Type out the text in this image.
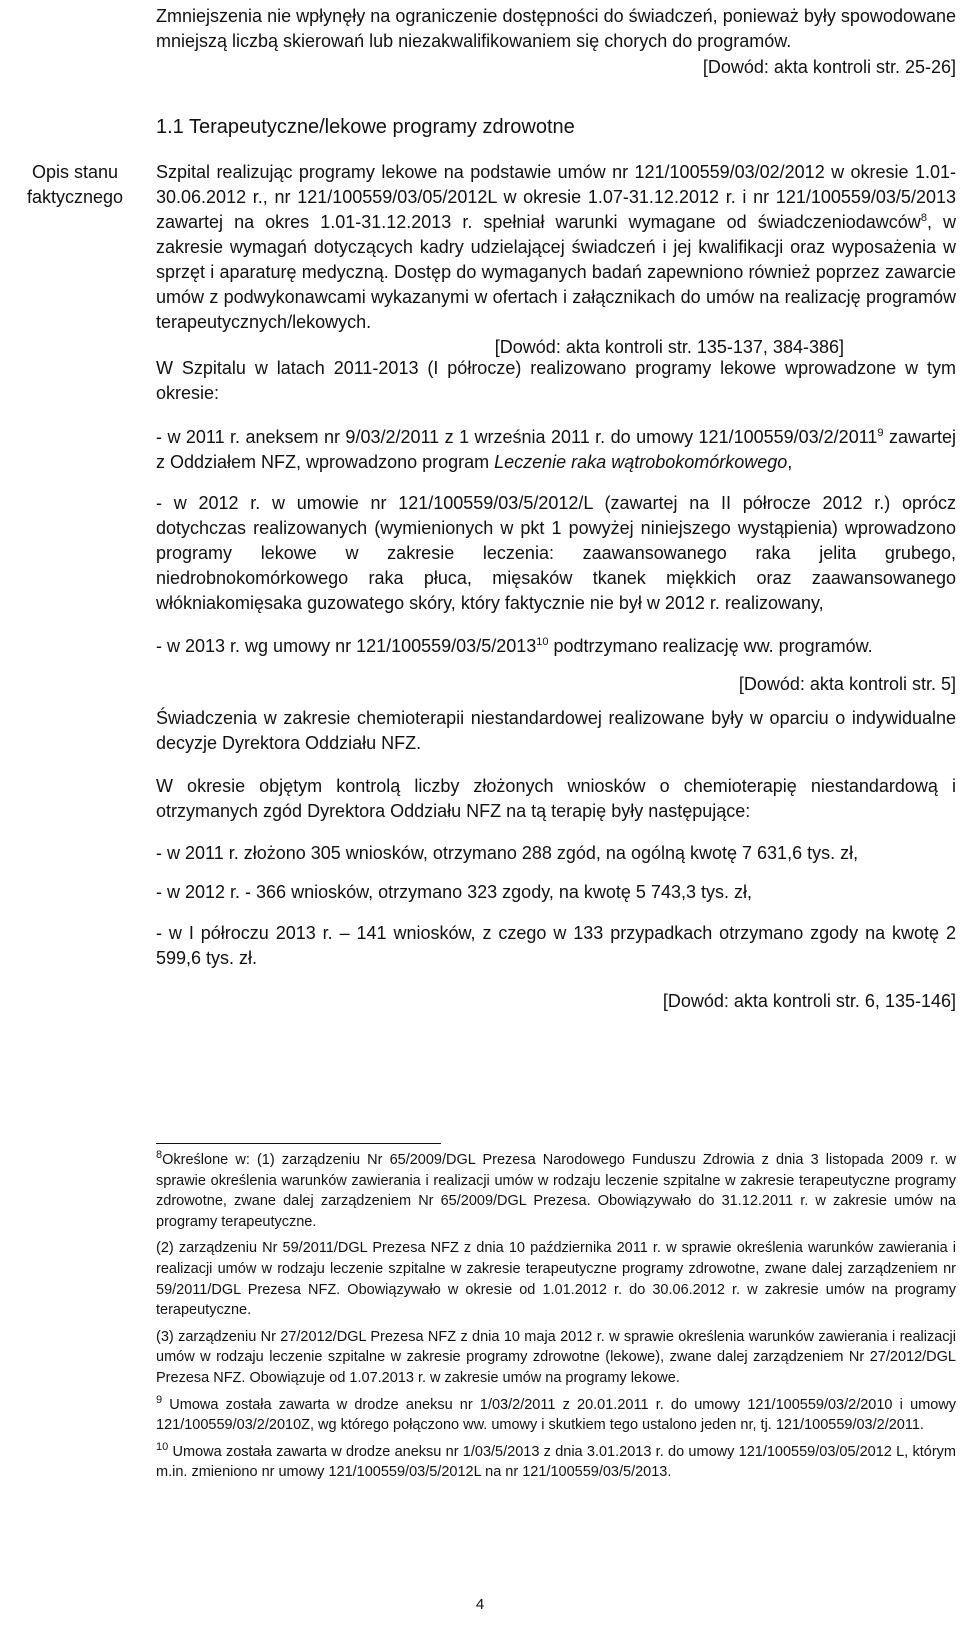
Zmniejszenia nie wpłynęły na ograniczenie dostępności do świadczeń, ponieważ były spowodowane mniejszą liczbą skierowań lub niezakwalifikowaniem się chorych do programów.

[Dowód: akta kontroli str. 25-26]
1.1 Terapeutyczne/lekowe programy zdrowotne
Opis stanu
faktycznego

Szpital realizując programy lekowe na podstawie umów nr 121/100559/03/02/2012 w okresie 1.01-30.06.2012 r., nr 121/100559/03/05/2012L w okresie 1.07-31.12.2012 r. i nr 121/100559/03/5/2013 zawartej na okres 1.01-31.12.2013 r. spełniał warunki wymagane od świadczeniodawców$^8$, w zakresie wymagań dotyczących kadry udzielającej świadczeń i jej kwalifikacji oraz wyposażenia w sprzęt i aparaturę medyczną. Dostęp do wymaganych badań zapewniono również poprzez zawarcie umów z podwykonawcami wykazanymi w ofertach i załącznikach do umów na realizację programów terapeutycznych/lekowych.

[Dowód: akta kontroli str. 135-137, 384-386]

W Szpitalu w latach 2011-2013 (I półrocze) realizowano programy lekowe wprowadzone w tym okresie:

- w 2011 r. aneksem nr 9/03/2/2011 z 1 września 2011 r. do umowy 121/100559/03/2/2011$^9$ zawartej z Oddziałem NFZ, wprowadzono program Leczenie raka wątrobokomórkowego,

- w 2012 r. w umowie nr 121/100559/03/5/2012/L (zawartej na II półrocze 2012 r.) oprócz dotychczas realizowanych (wymienionych w pkt 1 powyżej niniejszego wystąpienia) wprowadzono programy lekowe w zakresie leczenia: zaawansowanego raka jelita grubego, niedrobnokomórkowego raka płuca, mięsaków tkanek miękkich oraz zaawansowanego włókniakomięsaka guzowatego skóry, który faktycznie nie był w 2012 r. realizowany,

- w 2013 r. wg umowy nr 121/100559/03/5/2013$^{10}$ podtrzymano realizację ww. programów.

[Dowód: akta kontroli str. 5]

Świadczenia w zakresie chemioterapii niestandardowej realizowane były w oparciu o indywidualne decyzje Dyrektora Oddziału NFZ.

W okresie objętym kontrolą liczby złożonych wniosków o chemioterapię niestandardową i otrzymanych zgód Dyrektora Oddziału NFZ na tą terapię były następujące:

- w 2011 r. złożono 305 wniosków, otrzymano 288 zgód, na ogólną kwotę 7 631,6 tys. zł,

- w 2012 r. - 366 wniosków, otrzymano 323 zgody, na kwotę 5 743,3 tys. zł,

- w I półroczu 2013 r. – 141 wniosków, z czego w 133 przypadkach otrzymano zgody na kwotę 2 599,6 tys. zł.

[Dowód: akta kontroli str. 6, 135-146]

$^8$Określone w: (1) zarządzeniu Nr 65/2009/DGL Prezesa Narodowego Funduszu Zdrowia z dnia 3 listopada 2009 r. w sprawie określenia warunków zawierania i realizacji umów w rodzaju leczenie szpitalne w zakresie terapeutyczne programy zdrowotne, zwane dalej zarządzeniem Nr 65/2009/DGL Prezesa. Obowiązywało do 31.12.2011 r. w zakresie umów na programy terapeutyczne.

(2) zarządzeniu Nr 59/2011/DGL Prezesa NFZ z dnia 10 października 2011 r. w sprawie określenia warunków zawierania i realizacji umów w rodzaju leczenie szpitalne w zakresie terapeutyczne programy zdrowotne, zwane dalej zarządzeniem nr 59/2011/DGL Prezesa NFZ. Obowiązywało w okresie od 1.01.2012 r. do 30.06.2012 r. w zakresie umów na programy terapeutyczne.

(3) zarządzeniu Nr 27/2012/DGL Prezesa NFZ z dnia 10 maja 2012 r. w sprawie określenia warunków zawierania i realizacji umów w rodzaju leczenie szpitalne w zakresie programy zdrowotne (lekowe), zwane dalej zarządzeniem Nr 27/2012/DGL Prezesa NFZ. Obowiązuje od 1.07.2013 r. w zakresie umów na programy lekowe.

$^9$ Umowa została zawarta w drodze aneksu nr 1/03/2/2011 z 20.01.2011 r. do umowy 121/100559/03/2/2010 i umowy 121/100559/03/2/2010Z, wg którego połączono ww. umowy i skutkiem tego ustalono jeden nr, tj. 121/100559/03/2/2011.

$^{10}$ Umowa została zawarta w drodze aneksu nr 1/03/5/2013 z dnia 3.01.2013 r. do umowy 121/100559/03/05/2012 L, którym m.in. zmieniono nr umowy 121/100559/03/5/2012L na nr 121/100559/03/5/2013.

4
